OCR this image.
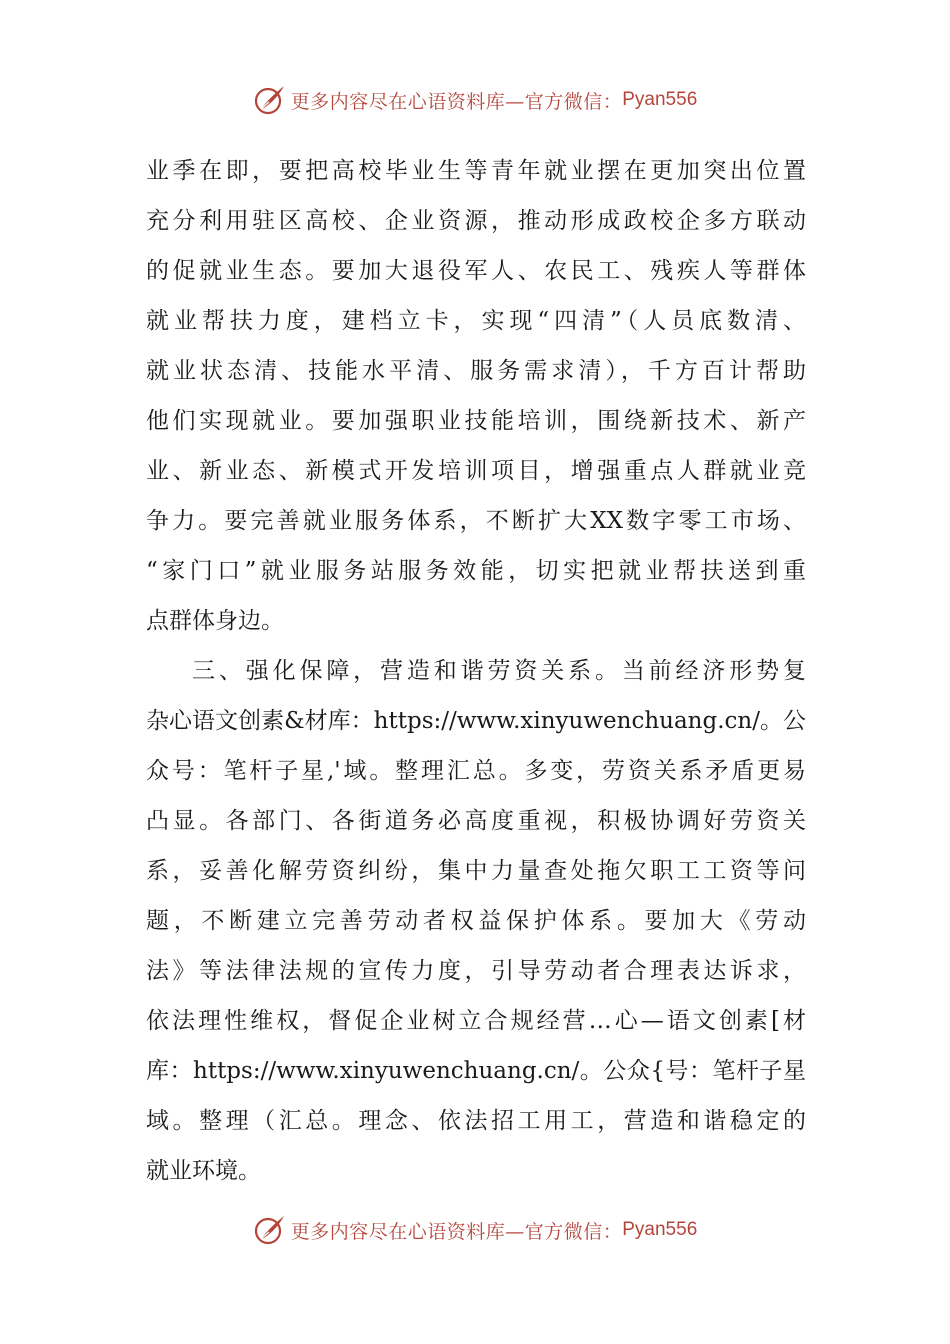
更多内容尽在心语资料库—官方微信： Pyan556
业季在即，要把高校毕业生等青年就业摆在更加突出位置
充分利用驻区高校、企业资源，推动形成政校企多方联动
的促就业生态。要加大退役军人、农民工、残疾人等群体
就业帮扶力度，建档立卡，实现“四清”（人员底数清、
就业状态清、技能水平清、服务需求清），千方百计帮助
他们实现就业。要加强职业技能培训，围绕新技术、新产
业、新业态、新模式开发培训项目，增强重点人群就业竞
争力。要完善就业服务体系，不断扩大XX数字零工市场、
“家门口”就业服务站服务效能，切实把就业帮扶送到重
点群体身边。
三、强化保障，营造和谐劳资关系。当前经济形势复
杂心语文创素&材库：https://www.xinyuwenchuang.cn/。公
众号：笔杆子星,'域。整理汇总。多变，劳资关系矛盾更易
凸显。各部门、各街道务必高度重视，积极协调好劳资关
系，妥善化解劳资纠纷，集中力量查处拖欠职工工资等问
题，不断建立完善劳动者权益保护体系。要加大《劳动
法》等法律法规的宣传力度，引导劳动者合理表达诉求，
依法理性维权，督促企业树立合规经营…心—语文创素[材
库：https://www.xinyuwenchuang.cn/。公众{号：笔杆子星
域。整理（汇总。理念、依法招工用工，营造和谐稳定的
就业环境。
更多内容尽在心语资料库—官方微信： Pyan556
